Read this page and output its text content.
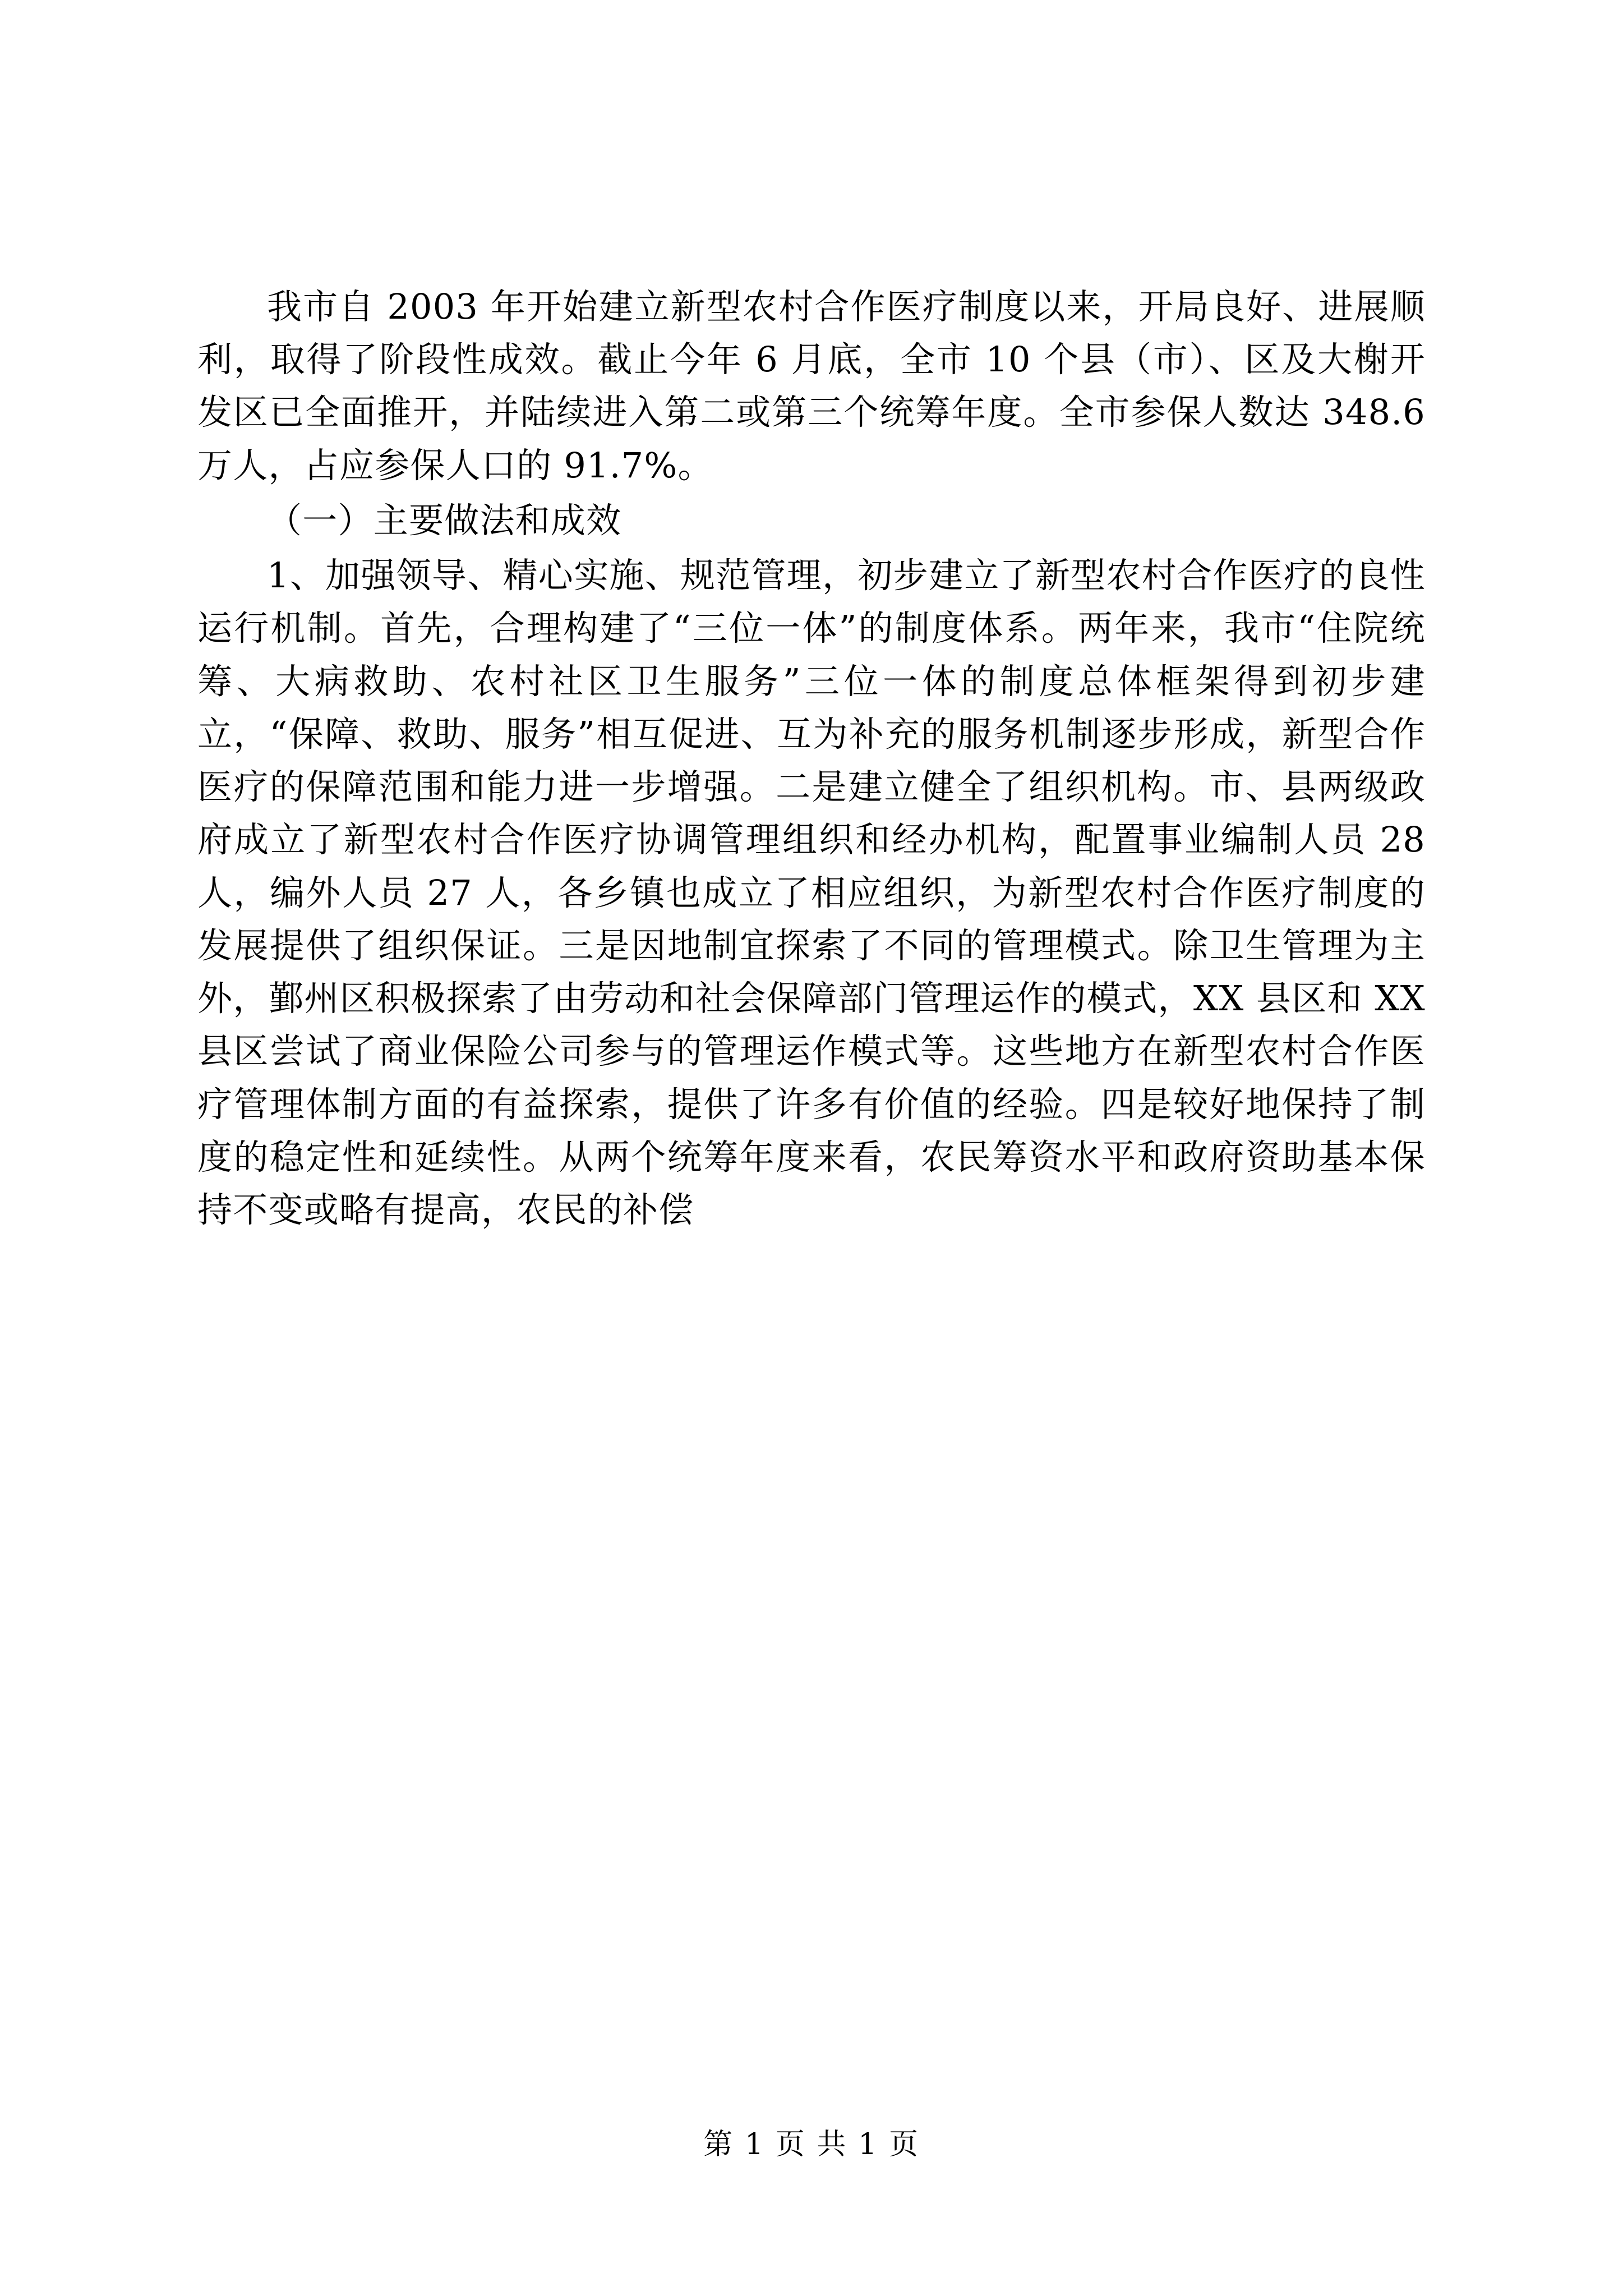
我市自 2003 年开始建立新型农村合作医疗制度以来，开局良好、进展顺利，取得了阶段性成效。截止今年 6 月底，全市 10 个县（市）、区及大榭开发区已全面推开，并陆续进入第二或第三个统筹年度。全市参保人数达 348.6 万人，占应参保人口的 91.7%。

（一）主要做法和成效

1、加强领导、精心实施、规范管理，初步建立了新型农村合作医疗的良性运行机制。首先，合理构建了“三位一体”的制度体系。两年来，我市“住院统筹、大病救助、农村社区卫生服务”三位一体的制度总体框架得到初步建立，“保障、救助、服务”相互促进、互为补充的服务机制逐步形成，新型合作医疗的保障范围和能力进一步增强。二是建立健全了组织机构。市、县两级政府成立了新型农村合作医疗协调管理组织和经办机构，配置事业编制人员 28 人，编外人员 27 人，各乡镇也成立了相应组织，为新型农村合作医疗制度的发展提供了组织保证。三是因地制宜探索了不同的管理模式。除卫生管理为主外，鄞州区积极探索了由劳动和社会保障部门管理运作的模式，XX 县区和 XX 县区尝试了商业保险公司参与的管理运作模式等。这些地方在新型农村合作医疗管理体制方面的有益探索，提供了许多有价值的经验。四是较好地保持了制度的稳定性和延续性。从两个统筹年度来看，农民筹资水平和政府资助基本保持不变或略有提高，农民的补偿

第 1 页 共 1 页
